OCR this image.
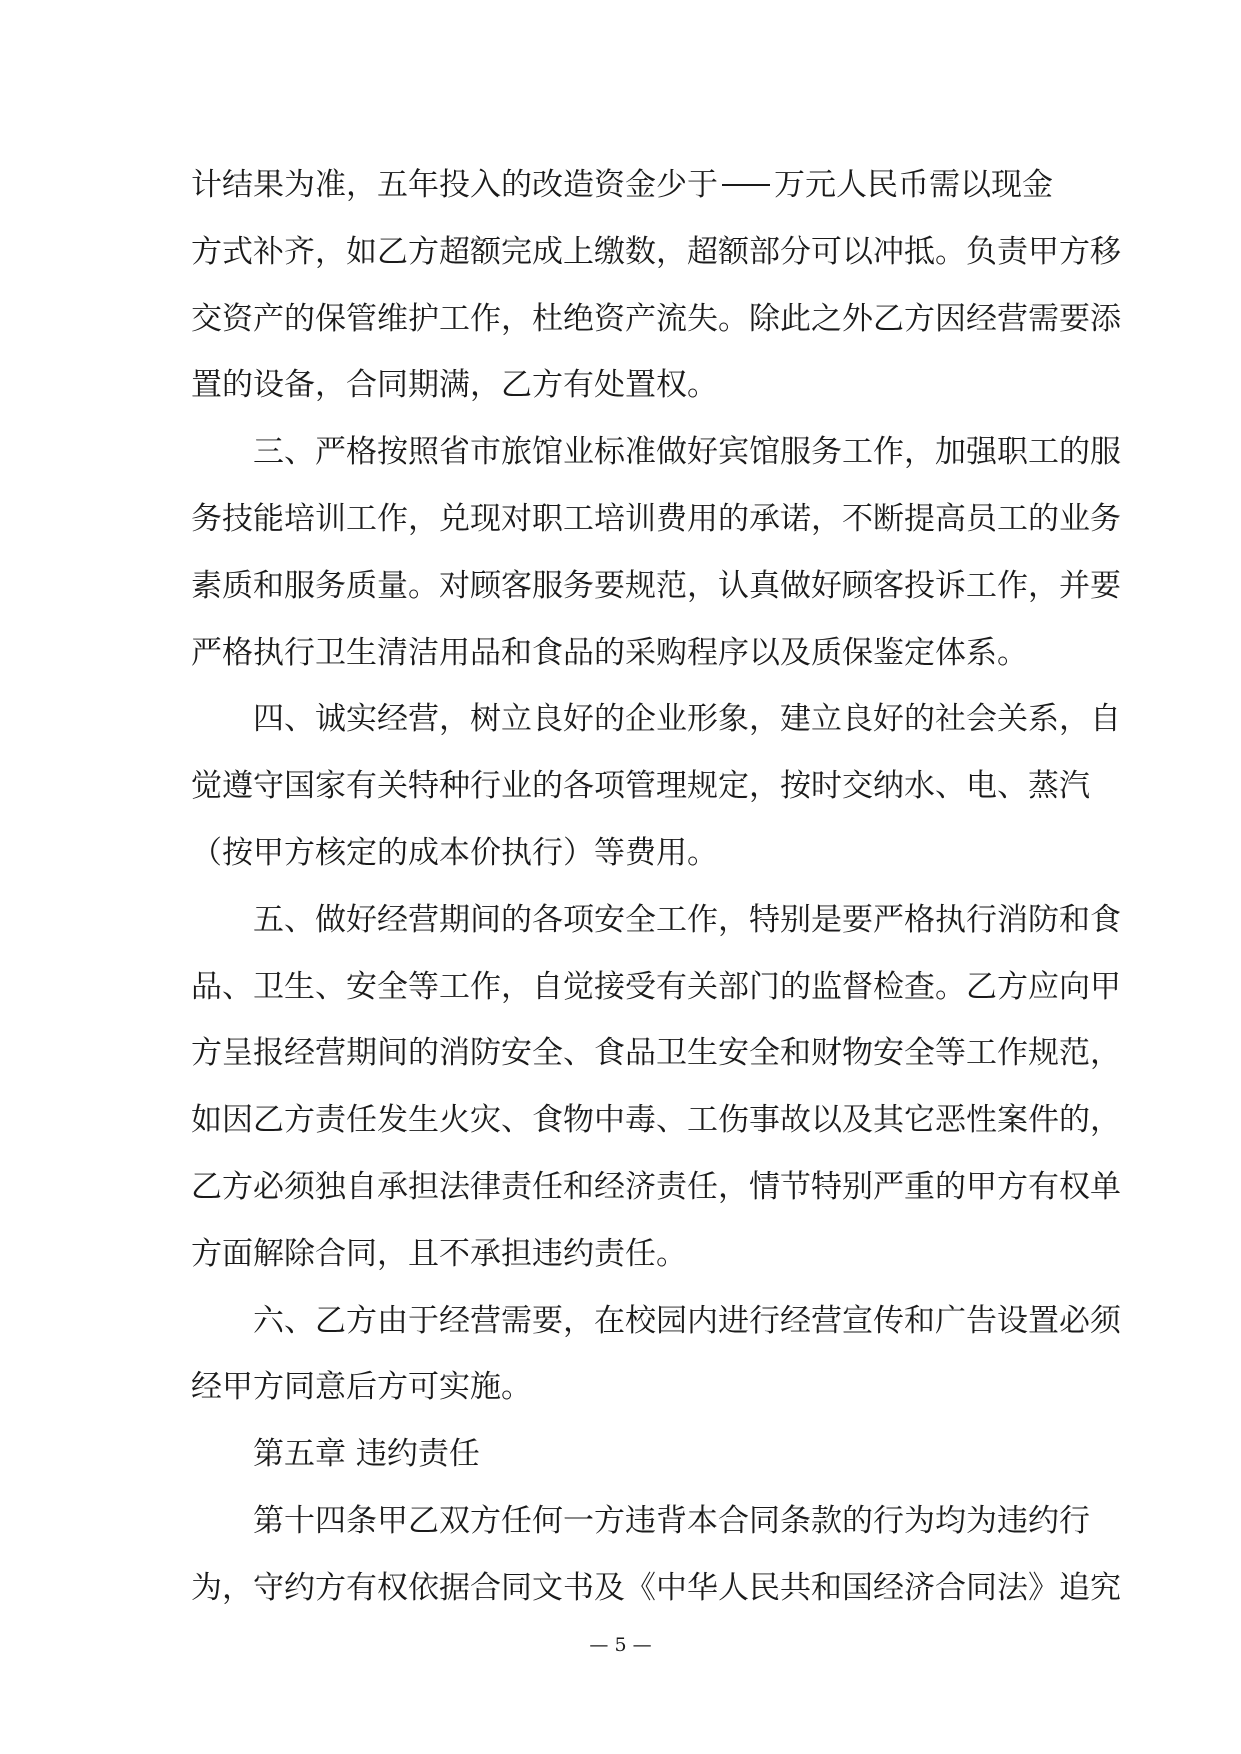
计 结 果 为 准 ， 五 年 投 入 的 改 造 资 金 少 于 万 元 人 民 币 需 以 现 金
方 式 补 齐 ， 如 乙 方 超 额 完 成 上 缴 数 ， 超 额 部 分 可 以 冲 抵 。 负 责 甲 方 移
交 资 产 的 保 管 维 护 工 作 ， 杜 绝 资 产 流 失 。 除 此 之 外 乙 方 因 经 营 需 要 添
置的设备，合同期满，乙方有处置权。
三 、 严 格 按 照 省 市 旅 馆 业 标 准 做 好 宾 馆 服 务 工 作 ， 加 强 职 工 的 服
务 技 能 培 训 工 作 ， 兑 现 对 职 工 培 训 费 用 的 承 诺 ， 不 断 提 高 员 工 的 业 务
素 质 和 服 务 质 量 。 对 顾 客 服 务 要 规 范 ， 认 真 做 好 顾 客 投 诉 工 作 ， 并 要
严格执行卫生清洁用品和食品的采购程序以及质保鉴定体系。
四 、 诚 实 经 营 ， 树 立 良 好 的 企 业 形 象 ， 建 立 良 好 的 社 会 关 系 ， 自
觉 遵 守 国 家 有 关 特 种 行 业 的 各 项 管 理 规 定 ， 按 时 交 纳 水 、 电 、 蒸 汽
（按甲方核定的成本价执行）等费用。
五 、 做 好 经 营 期 间 的 各 项 安 全 工 作 ， 特 别 是 要 严 格 执 行 消 防 和 食
品 、 卫 生 、 安 全 等 工 作 ， 自 觉 接 受 有 关 部 门 的 监 督 检 查 。 乙 方 应 向 甲
方 呈 报 经 营 期 间 的 消 防 安 全 、 食 品 卫 生 安 全 和 财 物 安 全 等 工 作 规 范 ，
如 因 乙 方 责 任 发 生 火 灾 、 食 物 中 毒 、 工 伤 事 故 以 及 其 它 恶 性 案 件 的 ，
乙 方 必 须 独 自 承 担 法 律 责 任 和 经 济 责 任 ， 情 节 特 别 严 重 的 甲 方 有 权 单
方面解除合同，且不承担违约责任。
六 、 乙 方 由 于 经 营 需 要 ， 在 校 园 内 进 行 经 营 宣 传 和 广 告 设 置 必 须
经甲方同意后方可实施。
第五章 违约责任
第 十 四 条 甲 乙 双 方 任 何 一 方 违 背 本 合 同 条 款 的 行 为 均 为 违 约 行
为 ， 守 约 方 有 权 依 据 合 同 文 书 及 《 中 华 人 民 共 和 国 经 济 合 同 法 》 追 究
— 5 —
